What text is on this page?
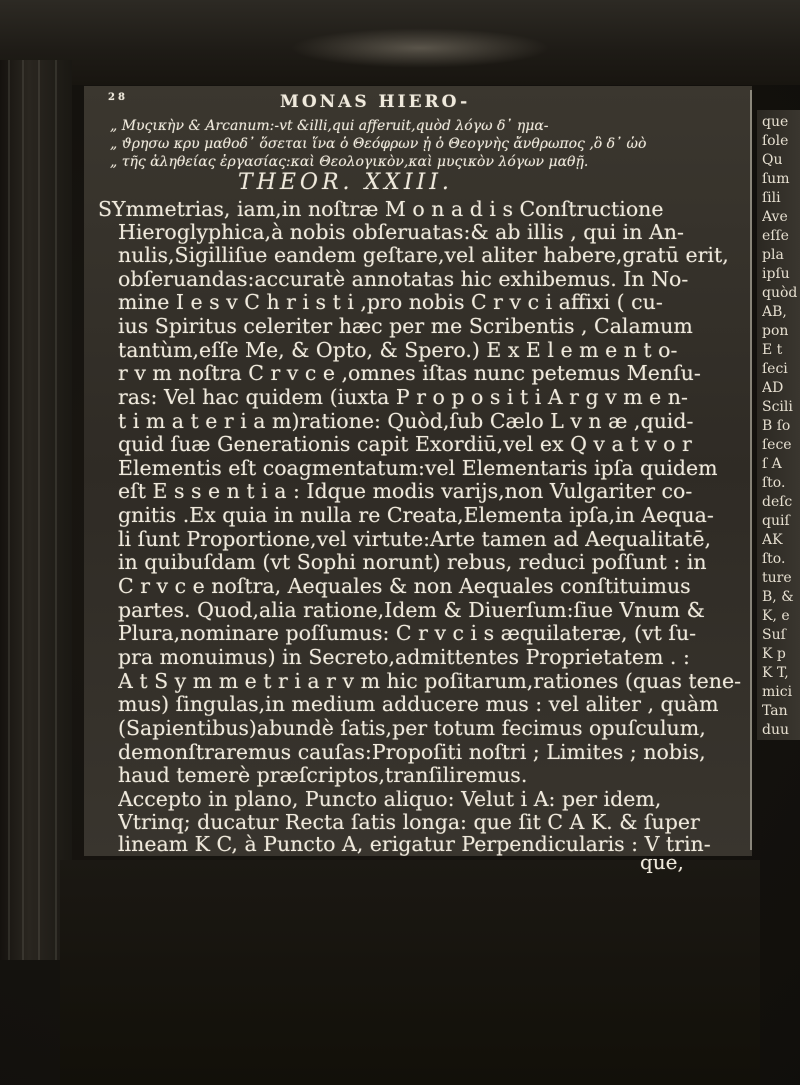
28	MONAS HIERO-
„ Μυςικὴν & Arcanum:-vt &illi,qui afferuit,quòd λόγω δ᾽ ημα-
„ ϑρησω κρυ μαθοδ᾽ ὅσεται ἵνα ὁ Θεόφρων ᾖ ὁ Θεογνὴς ἄνθρωπος ,ὃ δ᾽ ὡὸ
„ τῆς ἀληθείας ἐργασίας:καὶ Θεολογικὸν,καὶ μυςικὸν λόγων μαθῇ.
THEOR. XXIII.
SYmmetrias, iam,in noſtræ M o n a d i s Conſtructione
Hieroglyphica,à nobis obſeruatas:& ab illis , qui in An-
nulis,Sigilliſue eandem geſtare,vel aliter habere,gratū erit,
obſeruandas:accuratè annotatas hic exhibemus. In No-
mine I e s v C h r i s t i ,pro nobis C r v c i affixi ( cu-
ius Spiritus celeriter hæc per me Scribentis , Calamum
tantùm,eſſe Me, & Opto, & Spero.) E x E l e m e n t o-
r v m noſtra C r v c e ,omnes iſtas nunc petemus Menſu-
ras: Vel hac quidem (iuxta P r o p o s i t i A r g v m e n-
t i m a t e r i a m)ratione: Quòd,ſub Cælo L v n æ ,quid-
quid ſuæ Generationis capit Exordiū,vel ex Q v a t v o r
Elementis eſt coagmentatum:vel Elementaris ipſa quidem
eſt E s s e n t i a : Idque modis varijs,non Vulgariter co-
gnitis .Ex quia in nulla re Creata,Elementa ipſa,in Aequa-
li ſunt Proportione,vel virtute:Arte tamen ad Aequalitatē,
in quibuſdam (vt Sophi norunt) rebus, reduci poſſunt : in
C r v c e noſtra, Aequales & non Aequales conſtituimus
partes. Quod,alia ratione,Idem & Diuerſum:ſiue Vnum &
Plura,nominare poſſumus: C r v c i s æquilateræ, (vt ſu-
pra monuimus) in Secreto,admittentes Proprietatem . :
A t S y m m e t r i a r v m hic poſitarum,rationes (quas tene-
mus) ſingulas,in medium adducere mus : vel aliter , quàm
(Sapientibus)abundè ſatis,per totum fecimus opuſculum,
demonſtraremus cauſas:Propoſiti noſtri ; Limites ; nobis,
haud temerè præſcriptos,tranſiliremus.
Accepto in plano, Puncto aliquo: Velut i A: per idem,
Vtrinq; ducatur Recta ſatis longa: que ſit C A K. & ſuper
lineam K C, à Puncto A, erigatur Perpendicularis : V trin-
que,
que
ſole
Qu
ſum
ſili
Ave
eſſe
pla
ipſu
quòd
AB,
pon
E t
ſeci
AD
Scili
B ſo
ſece
ſ A
ſto.
deſc
quiſ
AK
ſto.
ture
B, &
K, e
Suſ
K p
K T,
mici
Tan
duu
